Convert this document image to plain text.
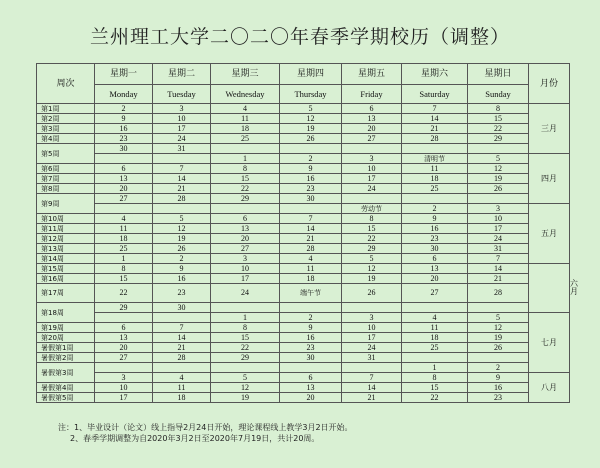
兰州理工大学二〇二〇年春季学期校历（调整）
周次	星期一	星期二	星期三	星期四	星期五	星期六	星期日	月份	
	Monday	Tuesday	Wednesday	Thursday	Friday	Saturday	Sunday		
第1周	2	3	4	5	6	7	8	三月	
第2周	9	10	11	12	13	14	15		
第3周	16	17	18	19	20	21	22		
第4周	23	24	25	26	27	28	29		
第5周	30	31							
			1	2	3	清明节	5	四月	
第6周	6	7	8	9	10	11	12		
第7周	13	14	15	16	17	18	19		
第8周	20	21	22	23	24	25	26		
第9周	27	28	29	30					
					劳动节	2	3	五月	
第10周	4	5	6	7	8	9	10		
第11周	11	12	13	14	15	16	17		
第12周	18	19	20	21	22	23	24		
第13周	25	26	27	28	29	30	31		
第14周	1	2	3	4	5	6	7		六月
第15周	8	9	10	11	12	13	14		
第16周	15	16	17	18	19	20	21		
第17周	22	23	24	端午节	26	27	28		
第18周	29	30							
			1	2	3	4	5	七月	
第19周	6	7	8	9	10	11	12		
第20周	13	14	15	16	17	18	19		
暑假第1周	20	21	22	23	24	25	26		
暑假第2周	27	28	29	30	31				
暑假第3周						1	2		
	3	4	5	6	7	8	9	八月	
暑假第4周	10	11	12	13	14	15	16		
暑假第5周	17	18	19	20	21	22	23		
注：1、毕业设计（论文）线上指导2月24日开始，理论课程线上教学3月2日开始。
2、春季学期调整为自2020年3月2日至2020年7月19日，共计20周。
